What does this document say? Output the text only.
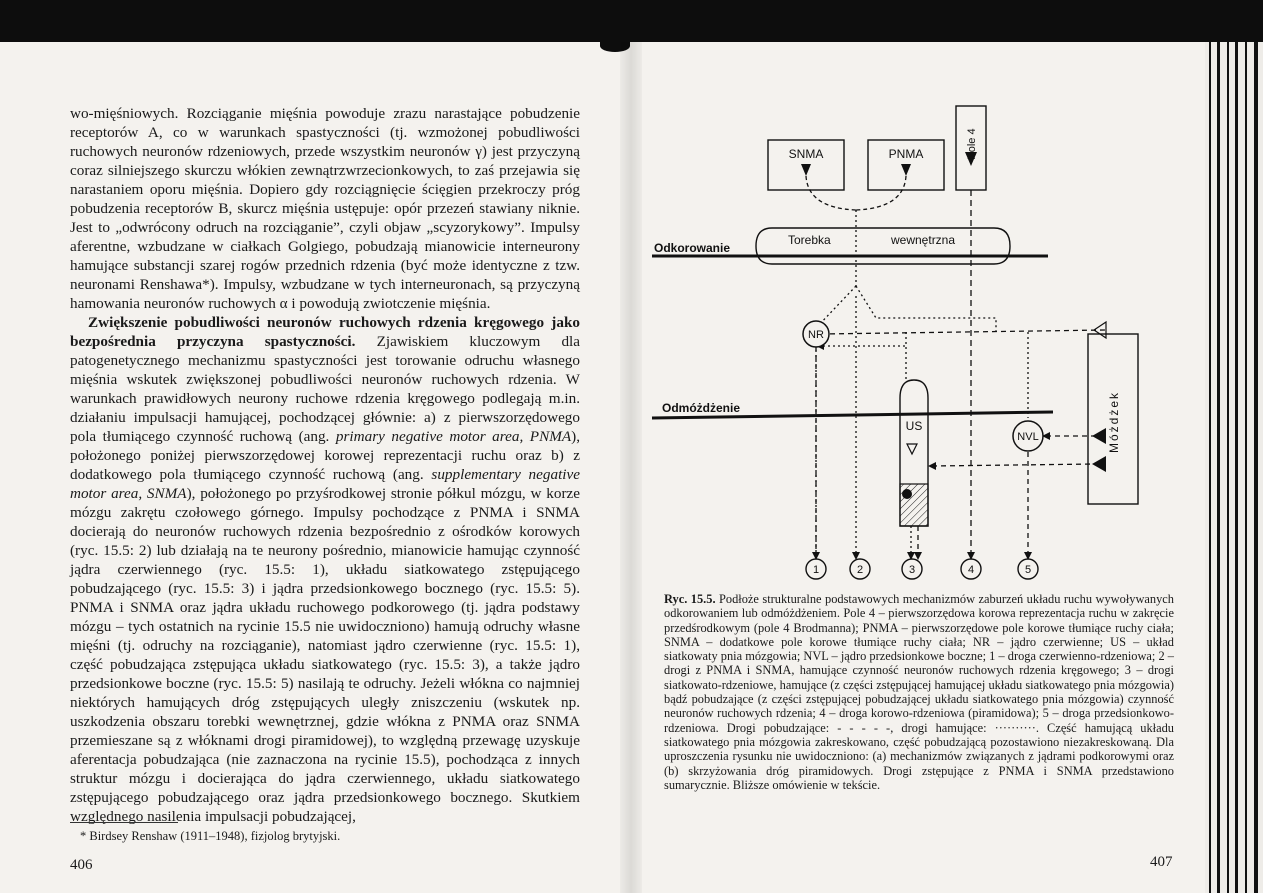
wo-mięśniowych. Rozciąganie mięśnia powoduje zrazu narastające pobudzenie receptorów A, co w warunkach spastyczności (tj. wzmożonej pobudliwości ruchowych neuronów rdzeniowych, przede wszystkim neuronów γ) jest przyczyną coraz silniejszego skurczu włókien zewnątrzwrzecionkowych, to zaś przejawia się narastaniem oporu mięśnia. Dopiero gdy rozciągnięcie ścięgien przekroczy próg pobudzenia receptorów B, skurcz mięśnia ustępuje: opór przezeń stawiany niknie. Jest to „odwrócony odruch na rozciąganie”, czyli objaw „scyzorykowy”. Impulsy aferentne, wzbudzane w ciałkach Golgiego, pobudzają mianowicie interneurony hamujące substancji szarej rogów przednich rdzenia (być może identyczne z tzw. neuronami Renshawa*). Impulsy, wzbudzane w tych interneuronach, są przyczyną hamowania neuronów ruchowych α i powodują zwiotczenie mięśnia.

Zwiększenie pobudliwości neuronów ruchowych rdzenia kręgowego jako bezpośrednia przyczyna spastyczności. Zjawiskiem kluczowym dla patogenetycznego mechanizmu spastyczności jest torowanie odruchu własnego mięśnia wskutek zwiększonej pobudliwości neuronów ruchowych rdzenia. W warunkach prawidłowych neurony ruchowe rdzenia kręgowego podlegają m.in. działaniu impulsacji hamującej, pochodzącej głównie: a) z pierwszorzędowego pola tłumiącego czynność ruchową (ang. primary negative motor area, PNMA), położonego poniżej pierwszorzędowej korowej reprezentacji ruchu oraz b) z dodatkowego pola tłumiącego czynność ruchową (ang. supplementary negative motor area, SNMA), położonego po przyśrodkowej stronie półkul mózgu, w korze mózgu zakrętu czołowego górnego. Impulsy pochodzące z PNMA i SNMA docierają do neuronów ruchowych rdzenia bezpośrednio z ośrodków korowych (ryc. 15.5: 2) lub działają na te neurony pośrednio, mianowicie hamując czynność jądra czerwiennego (ryc. 15.5: 1), układu siatkowatego zstępującego pobudzającego (ryc. 15.5: 3) i jądra przedsionkowego bocznego (ryc. 15.5: 5). PNMA i SNMA oraz jądra układu ruchowego podkorowego (tj. jądra podstawy mózgu – tych ostatnich na rycinie 15.5 nie uwidoczniono) hamują odruchy własne mięśni (tj. odruchy na rozciąganie), natomiast jądro czerwienne (ryc. 15.5: 1), część pobudzająca zstępująca układu siatkowatego (ryc. 15.5: 3), a także jądro przedsionkowe boczne (ryc. 15.5: 5) nasilają te odruchy. Jeżeli włókna co najmniej niektórych hamujących dróg zstępujących uległy zniszczeniu (wskutek np. uszkodzenia obszaru torebki wewnętrznej, gdzie włókna z PNMA oraz SNMA przemieszane są z włóknami drogi piramidowej), to względną przewagę uzyskuje aferentacja pobudzająca (nie zaznaczona na rycinie 15.5), pochodząca z innych struktur mózgu i docierająca do jądra czerwiennego, układu siatkowatego zstępującego pobudzającego oraz jądra przedsionkowego bocznego. Skutkiem względnego nasilenia impulsacji pobudzającej,

* Birdsey Renshaw (1911–1948), fizjolog brytyjski.
406
SNMA	PNMA	Pole 4
Odkorowanie
Torebka	wewnętrzna
NR
Odmóżdżenie
US
NVL	Móżdżek
1	2	3	4	5
Ryc. 15.5. Podłoże strukturalne podstawowych mechanizmów zaburzeń układu ruchu wywoływanych odkorowaniem lub odmóżdżeniem. Pole 4 – pierwszorzędowa korowa reprezentacja ruchu w zakręcie przedśrodkowym (pole 4 Brodmanna); PNMA – pierwszorzędowe pole korowe tłumiące ruchy ciała; SNMA – dodatkowe pole korowe tłumiące ruchy ciała; NR – jądro czerwienne; US – układ siatkowaty pnia mózgowia; NVL – jądro przedsionkowe boczne; 1 – droga czerwienno-rdzeniowa; 2 – drogi z PNMA i SNMA, hamujące czynność neuronów ruchowych rdzenia kręgowego; 3 – drogi siatkowato-rdzeniowe, hamujące (z części zstępującej hamującej układu siatkowatego pnia mózgowia) bądź pobudzające (z części zstępującej pobudzającej układu siatkowatego pnia mózgowia) czynność neuronów ruchowych rdzenia; 4 – droga korowo-rdzeniowa (piramidowa); 5 – droga przedsionkowo-rdzeniowa. Drogi pobudzające: - - - - -, drogi hamujące: ··········. Część hamującą układu siatkowatego pnia mózgowia zakreskowano, część pobudzającą pozostawiono niezakreskowaną. Dla uproszczenia rysunku nie uwidoczniono: (a) mechanizmów związanych z jądrami podkorowymi oraz (b) skrzyżowania dróg piramidowych. Drogi zstępujące z PNMA i SNMA przedstawiono sumarycznie. Bliższe omówienie w tekście.
407
